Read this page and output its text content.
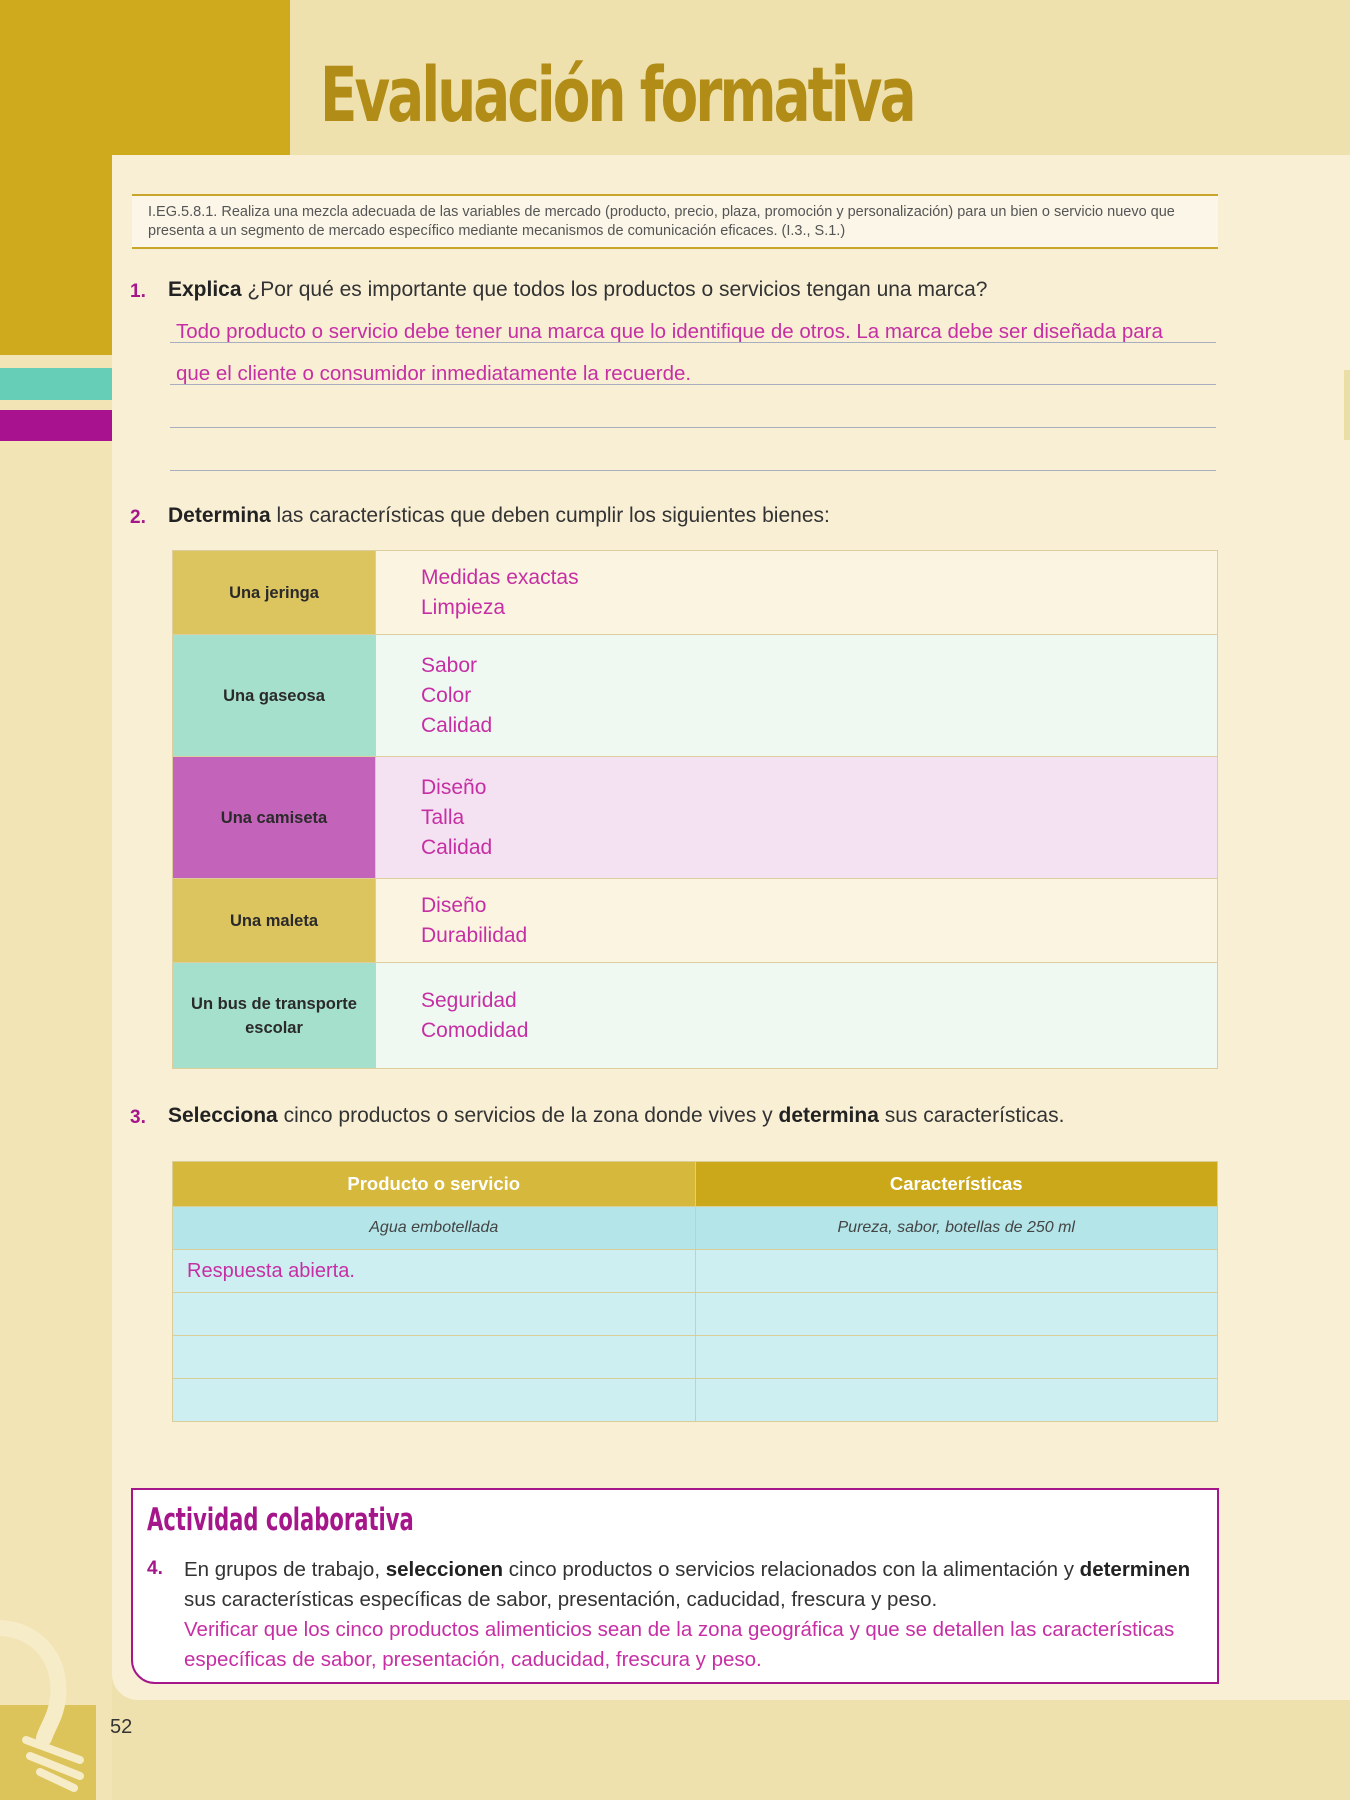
Evaluación formativa
I.EG.5.8.1. Realiza una mezcla adecuada de las variables de mercado (producto, precio, plaza, promoción y personalización) para un bien o servicio nuevo que presenta a un segmento de mercado específico mediante mecanismos de comunicación eficaces. (I.3., S.1.)
1. Explica ¿Por qué es importante que todos los productos o servicios tengan una marca?
Todo producto o servicio debe tener una marca que lo identifique de otros. La marca debe ser diseñada para
que el cliente o consumidor inmediatamente la recuerde.
2. Determina las características que deben cumplir los siguientes bienes:
Una jeringa	Medidas exactas
Limpieza

Una gaseosa	Sabor
Color
Calidad

Una camiseta	Diseño
Talla
Calidad

Una maleta	Diseño
Durabilidad

Un bus de transporte escolar	Seguridad
Comodidad
3. Selecciona cinco productos o servicios de la zona donde vives y determina sus características.
Producto o servicio	Características
Agua embotellada	Pureza, sabor, botellas de 250 ml
Respuesta abierta.	

Actividad colaborativa
4. En grupos de trabajo, seleccionen cinco productos o servicios relacionados con la alimentación y determinen sus características específicas de sabor, presentación, caducidad, frescura y peso.
Verificar que los cinco productos alimenticios sean de la zona geográfica y que se detallen las características específicas de sabor, presentación, caducidad, frescura y peso.
52
